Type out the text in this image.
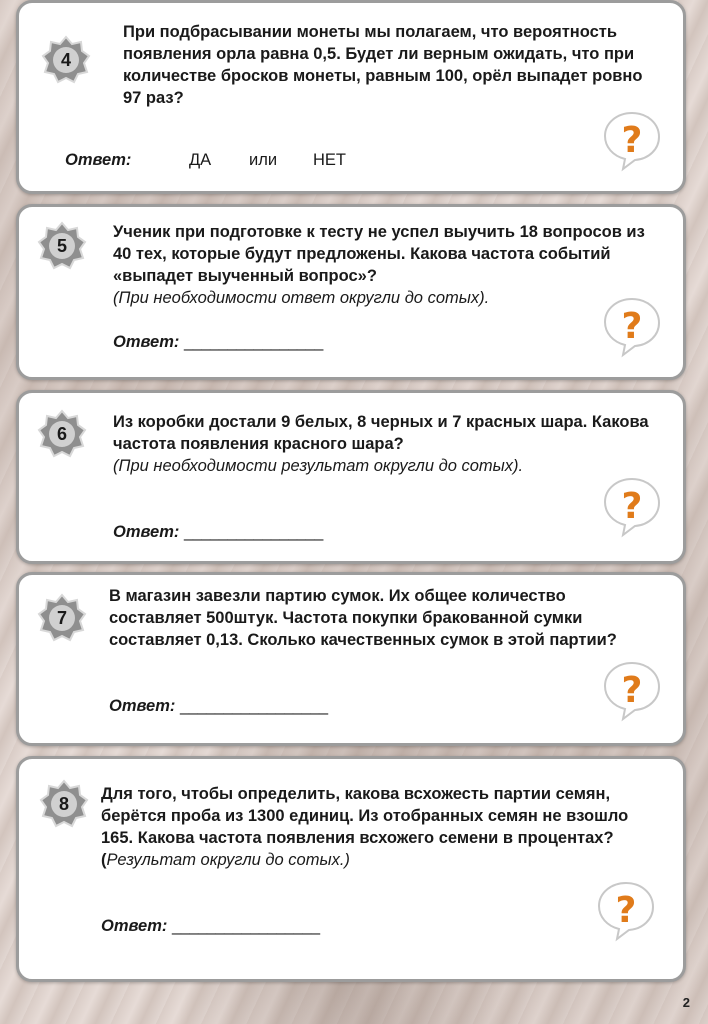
4

При подбрасывании монеты мы полагаем, что вероятность появления орла равна 0,5. Будет ли верным ожидать, что при количестве бросков монеты, равным 100, орёл выпадет ровно 97 раз?

Ответ:	ДА или НЕТ	?
5

Ученик при подготовке к тесту не успел выучить 18 вопросов из 40 тех, которые будут предложены. Какова частота событий «выпадет выученный вопрос»?
(При необходимости ответ округли до сотых).

Ответ: ________________	?
6

Из коробки достали 9 белых, 8 черных и 7 красных шара. Какова частота появления красного шара?
(При необходимости результат округли до сотых).

Ответ: ________________
?
7

В магазин завезли партию сумок. Их общее количество составляет 500штук. Частота покупки бракованной сумки составляет 0,13. Сколько качественных сумок в этой партии?

Ответ: _________________	?
8 Для того, чтобы определить, какова всхожесть партии семян, берётся проба из 1300 единиц. Из отобранных семян не взошло 165. Какова частота появления всхожего семени в процентах? (Результат округли до сотых.)

Ответ: _________________	?
2
